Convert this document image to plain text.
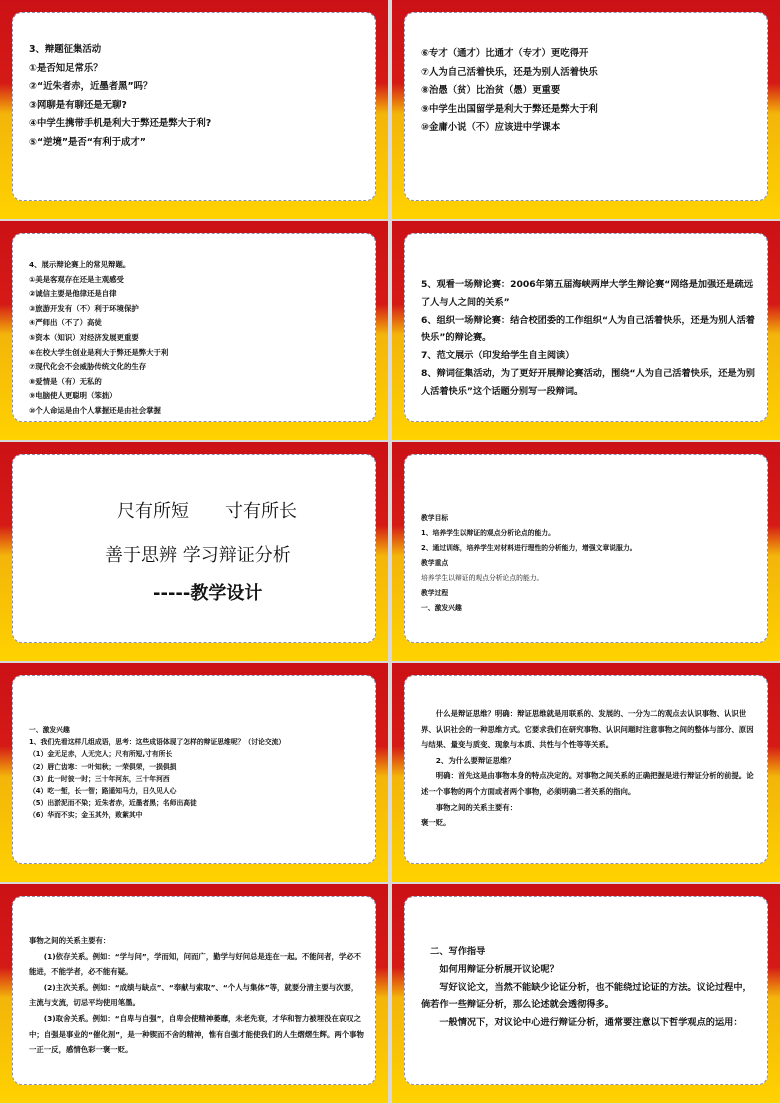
3、辩题征集活动

①是否知足常乐？

②“近朱者赤，近墨者黑”吗？

③网聊是有聊还是无聊?

④中学生携带手机是利大于弊还是弊大于利?

⑤“逆境”是否“有利于成才”

⑥专才（通才）比通才（专才）更吃得开

⑦人为自己活着快乐，还是为别人活着快乐

⑧治愚（贫）比治贫（愚）更重要

⑨中学生出国留学是利大于弊还是弊大于利

⑩金庸小说（不）应该进中学课本

4、展示辩论赛上的常见辩题。

①美是客观存在还是主观感受

②诚信主要是他律还是自律

③旅游开发有（不）利于环境保护

④严师出（不了）高徒

⑤资本（知识）对经济发展更重要

⑥在校大学生创业是利大于弊还是弊大于利

⑦现代化会不会威胁传统文化的生存

⑧爱情是（有）无私的

⑨电脑使人更聪明（笨拙）

⑩个人命运是由个人掌握还是由社会掌握

5、观看一场辩论赛：2006年第五届海峡两岸大学生辩论赛“网络是加强还是疏远了人与人之间的关系”

6、组织一场辩论赛：结合校团委的工作组织“人为自己活着快乐，还是为别人活着快乐”的辩论赛。

7、范文展示（印发给学生自主阅读）

8、辩词征集活动，为了更好开展辩论赛活动，围绕“人为自己活着快乐，还是为别人活着快乐”这个话题分别写一段辩词。

尺有所短　　寸有所长
善于思辨 学习辩证分析
-----教学设计

教学目标

1、培养学生以辩证的观点分析论点的能力。

2、通过训练，培养学生对材料进行理性的分析能力，增强文章说服力。

教学重点

培养学生以辩证的观点分析论点的能力。

教学过程

一、激发兴趣

一、激发兴趣

1、我们先看这样几组成语，思考：这些成语体现了怎样的辩证思维呢？（讨论交流）

（1）金无足赤，人无完人；尺有所短,寸有所长

（2）唇亡齿寒：一叶知秋；一荣俱荣，一损俱损

（3）此一时彼一时；三十年河东，三十年河西

（4）吃一堑，长一智；路遥知马力，日久见人心

（5）出淤泥而不染；近朱者赤，近墨者黑；名师出高徒

（6）华而不实；金玉其外，败絮其中

　　什么是辩证思维？明确：辩证思维就是用联系的、发展的、一分为二的观点去认识事物、认识世界、认识社会的一种思维方式。它要求我们在研究事物、认识问题时注意事物之间的整体与部分、原因与结果、量变与质变、现象与本质、共性与个性等等关系。

　　2、为什么要辩证思维？

　　明确：首先这是由事物本身的特点决定的。对事物之间关系的正确把握是进行辩证分析的前提。论述一个事物的两个方面或者两个事物，必须明确二者关系的指向。

　　事物之间的关系主要有：

褒一贬。

事物之间的关系主要有：

　　(1)依存关系。例如：“学与问”，学而知，问而广，勤学与好问总是连在一起。不能问者，学必不能进，不能学者，必不能有疑。

　　(2)主次关系。例如：“成绩与缺点”、“奉献与索取”、“个人与集体”等，就要分清主要与次要，主流与支流，切忌平均使用笔墨。

　　(3)取舍关系。例如：“自卑与自强”，自卑会使精神萎靡，未老先衰，才华和智力被埋没在哀叹之中；自强是事业的“催化剂”，是一种锲而不舍的精神，惟有自强才能使我们的人生熠熠生辉。两个事物一正一反，感情色彩一褒一贬。

　二、写作指导

　　如何用辩证分析展开议论呢？

　　写好议论文，当然不能缺少论证分析，也不能绕过论证的方法。议论过程中，倘若作一些辩证分析，那么论述就会透彻得多。

　　一般情况下，对议论中心进行辩证分析，通常要注意以下哲学观点的运用：
